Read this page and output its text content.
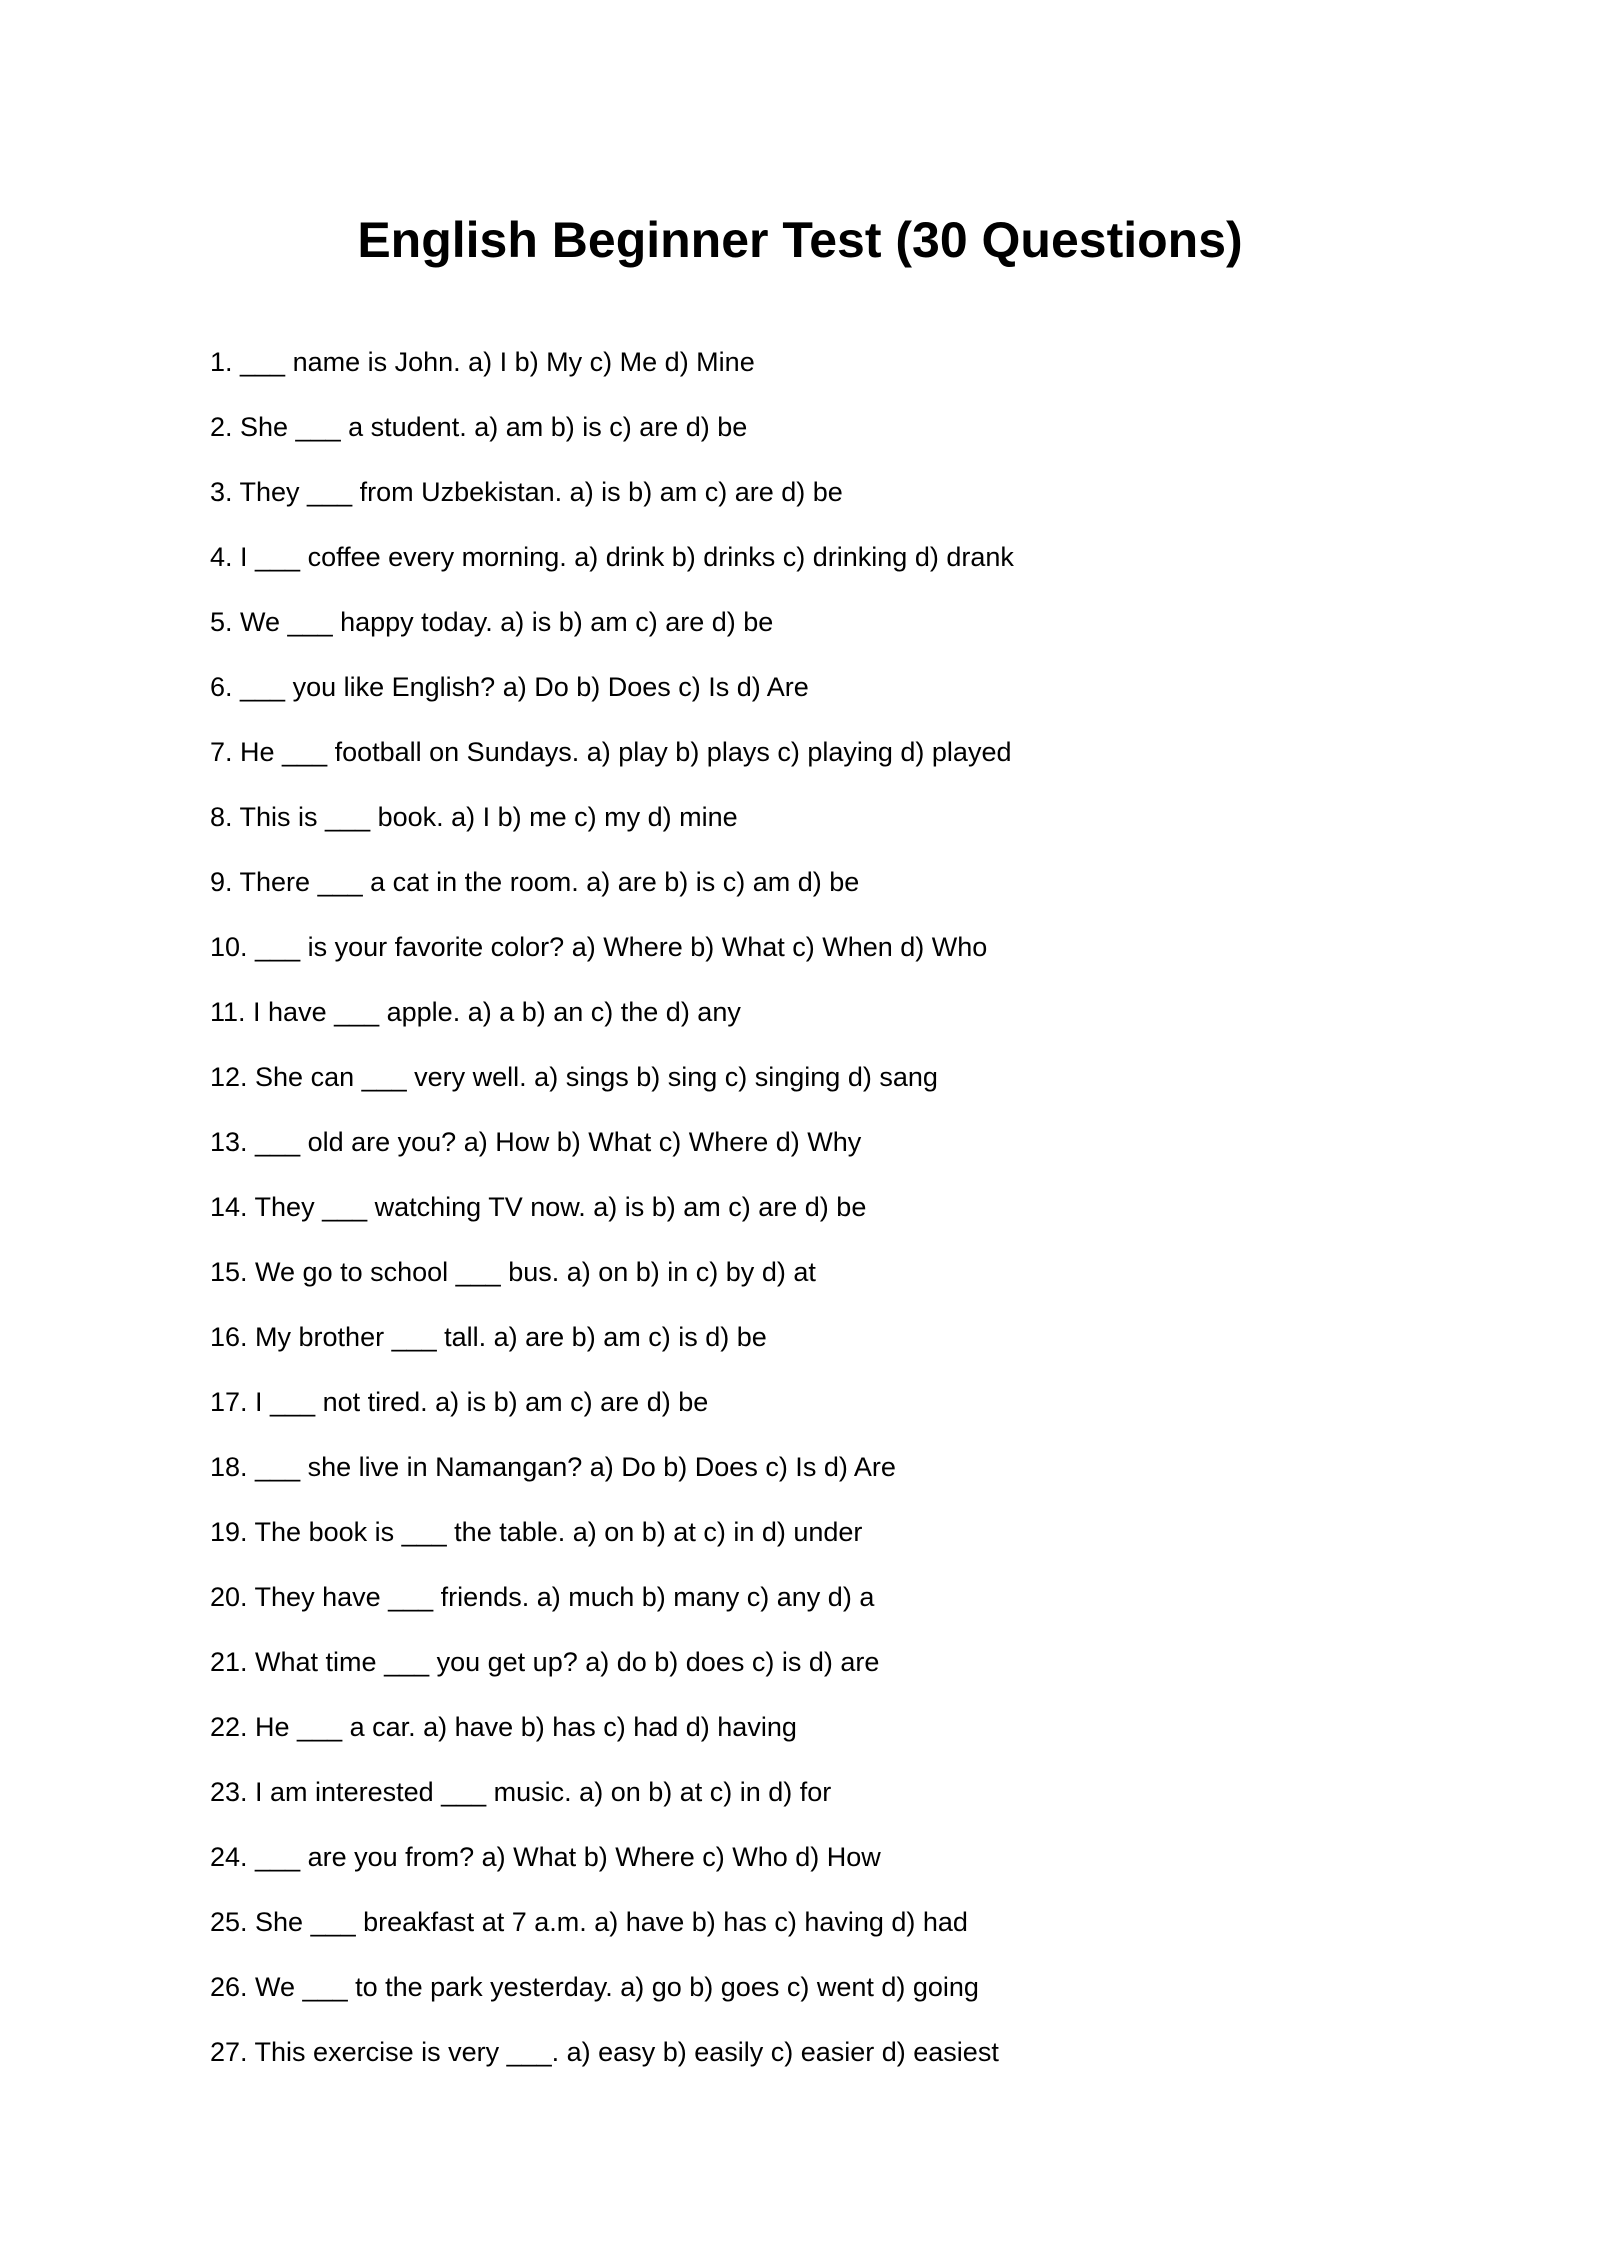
English Beginner Test (30 Questions)
1. ___ name is John. a) I b) My c) Me d) Mine
2. She ___ a student. a) am b) is c) are d) be
3. They ___ from Uzbekistan. a) is b) am c) are d) be
4. I ___ coffee every morning. a) drink b) drinks c) drinking d) drank
5. We ___ happy today. a) is b) am c) are d) be
6. ___ you like English? a) Do b) Does c) Is d) Are
7. He ___ football on Sundays. a) play b) plays c) playing d) played
8. This is ___ book. a) I b) me c) my d) mine
9. There ___ a cat in the room. a) are b) is c) am d) be
10. ___ is your favorite color? a) Where b) What c) When d) Who
11. I have ___ apple. a) a b) an c) the d) any
12. She can ___ very well. a) sings b) sing c) singing d) sang
13. ___ old are you? a) How b) What c) Where d) Why
14. They ___ watching TV now. a) is b) am c) are d) be
15. We go to school ___ bus. a) on b) in c) by d) at
16. My brother ___ tall. a) are b) am c) is d) be
17. I ___ not tired. a) is b) am c) are d) be
18. ___ she live in Namangan? a) Do b) Does c) Is d) Are
19. The book is ___ the table. a) on b) at c) in d) under
20. They have ___ friends. a) much b) many c) any d) a
21. What time ___ you get up? a) do b) does c) is d) are
22. He ___ a car. a) have b) has c) had d) having
23. I am interested ___ music. a) on b) at c) in d) for
24. ___ are you from? a) What b) Where c) Who d) How
25. She ___ breakfast at 7 a.m. a) have b) has c) having d) had
26. We ___ to the park yesterday. a) go b) goes c) went d) going
27. This exercise is very ___. a) easy b) easily c) easier d) easiest
